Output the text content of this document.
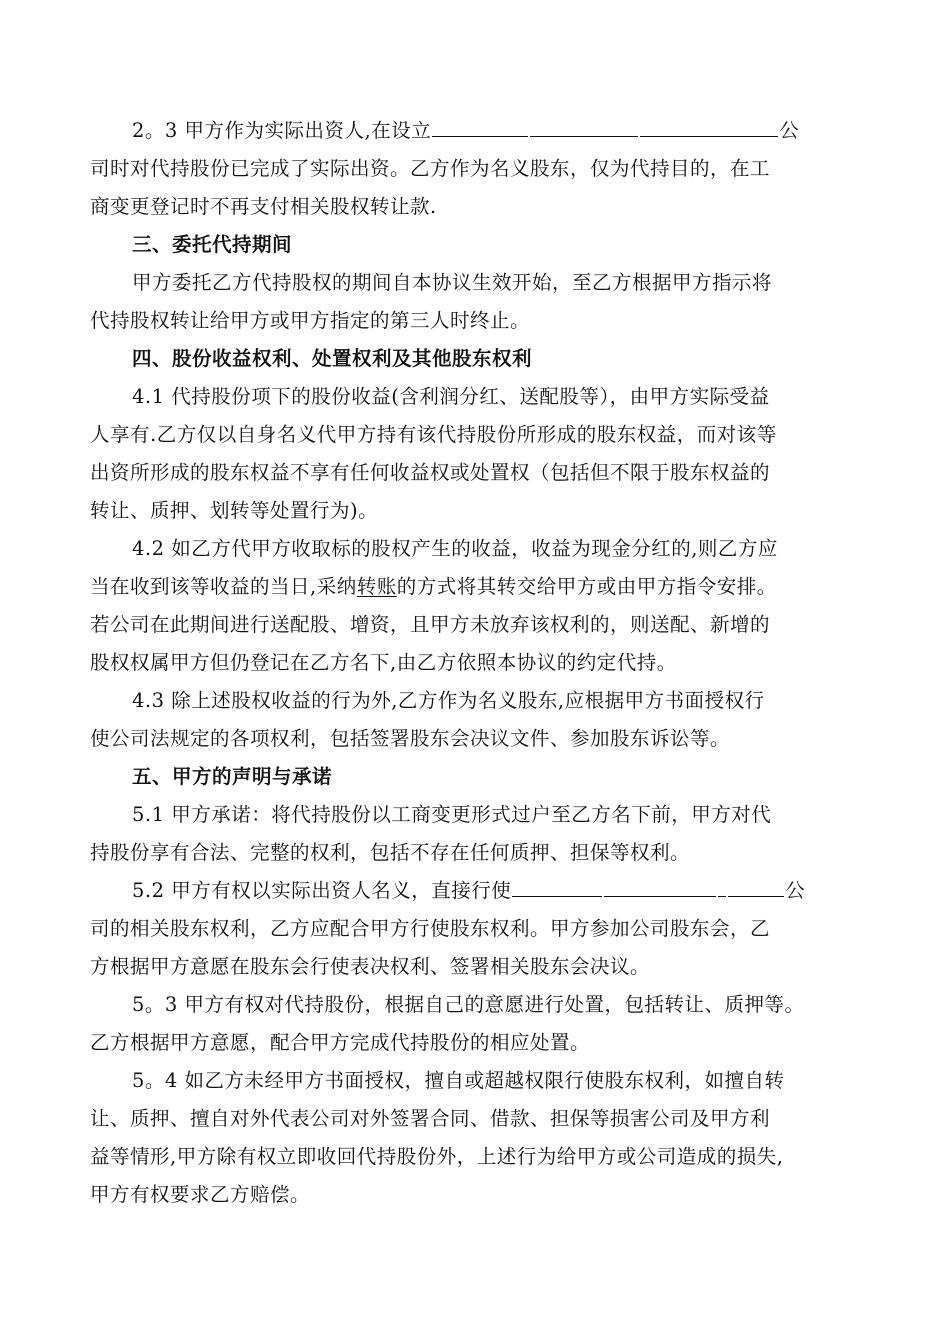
2。3 甲方作为实际出资人,在设立	公
司时对代持股份已完成了实际出资。乙方作为名义股东，仅为代持目的，在工
商变更登记时不再支付相关股权转让款.
三、委托代持期间
甲方委托乙方代持股权的期间自本协议生效开始，至乙方根据甲方指示将
代持股权转让给甲方或甲方指定的第三人时终止。
四、股份收益权利、处置权利及其他股东权利
4.1 代持股份项下的股份收益(含利润分红、送配股等），由甲方实际受益
人享有.乙方仅以自身名义代甲方持有该代持股份所形成的股东权益，而对该等
出资所形成的股东权益不享有任何收益权或处置权（包括但不限于股东权益的
转让、质押、划转等处置行为)。
4.2 如乙方代甲方收取标的股权产生的收益，收益为现金分红的,则乙方应
当在收到该等收益的当日,采纳转账的方式将其转交给甲方或由甲方指令安排。
若公司在此期间进行送配股、增资，且甲方未放弃该权利的，则送配、新增的
股权权属甲方但仍登记在乙方名下,由乙方依照本协议的约定代持。
4.3 除上述股权收益的行为外,乙方作为名义股东,应根据甲方书面授权行
使公司法规定的各项权利，包括签署股东会决议文件、参加股东诉讼等。
五、甲方的声明与承诺
5.1 甲方承诺：将代持股份以工商变更形式过户至乙方名下前，甲方对代
持股份享有合法、完整的权利，包括不存在任何质押、担保等权利。
5.2 甲方有权以实际出资人名义，直接行使	公
司的相关股东权利，乙方应配合甲方行使股东权利。甲方参加公司股东会，乙
方根据甲方意愿在股东会行使表决权利、签署相关股东会决议。
5。3 甲方有权对代持股份，根据自己的意愿进行处置，包括转让、质押等。
乙方根据甲方意愿，配合甲方完成代持股份的相应处置。
5。4 如乙方未经甲方书面授权，擅自或超越权限行使股东权利，如擅自转
让、质押、擅自对外代表公司对外签署合同、借款、担保等损害公司及甲方利
益等情形,甲方除有权立即收回代持股份外，上述行为给甲方或公司造成的损失,
甲方有权要求乙方赔偿。
